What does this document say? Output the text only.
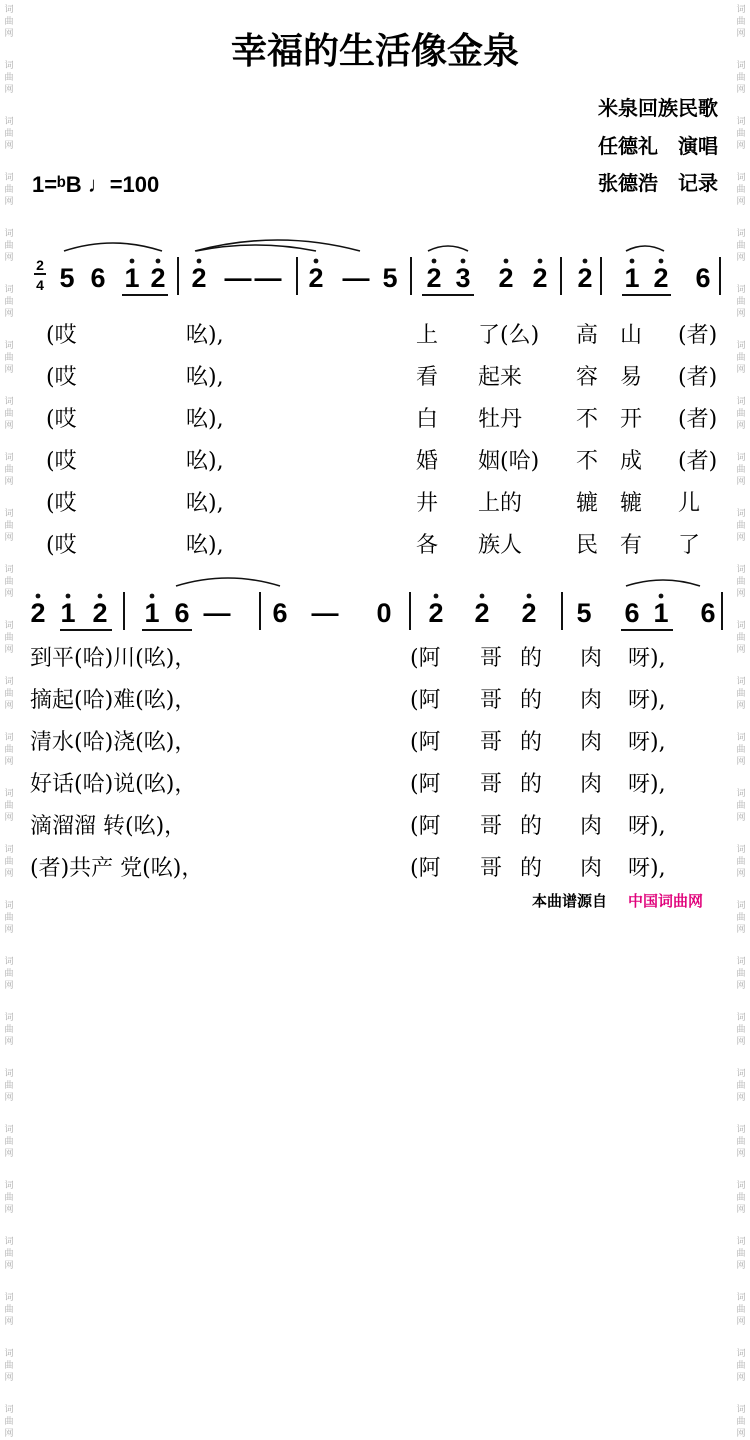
词曲网
词曲网
词曲网
词曲网
词曲网
词曲网
词曲网
词曲网
词曲网
词曲网
词曲网
词曲网
词曲网
词曲网
词曲网
词曲网
词曲网
词曲网
词曲网
词曲网
词曲网
词曲网
词曲网
词曲网
词曲网
词曲网
词曲网
词曲网
词曲网
词曲网
词曲网
词曲网
词曲网
词曲网
词曲网
词曲网
词曲网
词曲网
词曲网
词曲网
词曲网
词曲网
词曲网
词曲网
词曲网
词曲网
词曲网
词曲网
词曲网
词曲网
词曲网
词曲网
幸福的生活像金泉
米泉回族民歌
任德礼　演唱
张德浩　记录
1=ᵇB ♩=100
2
4 5 6 1 2 2 — — 2 — 5 2 3 2 2 2 1 2 6
(哎	吆),	上 了(么) 高 山 (者)
(哎	吆),	看 起来 容 易 (者)
(哎	吆),	白 牡丹 不 开 (者)
(哎	吆),	婚 姻(哈) 不 成 (者)
(哎	吆),	井 上的 辘 辘 儿
(哎	吆),	各 族人 民 有 了
2 1 2 1 6 — 6 — 0 2 2 2 5 6 1 6
到平(哈)川(吆)，	(阿 哥 的 肉 呀),
摘起(哈)难(吆)，	(阿 哥 的 肉 呀),
清水(哈)浇(吆)，	(阿 哥 的 肉 呀),
好话(哈)说(吆)，	(阿 哥 的 肉 呀),
滴溜溜 转(吆)，	(阿 哥 的 肉 呀),
(者)共产 党(吆)，	(阿 哥 的 肉 呀),
本曲谱源自 中国词曲网
